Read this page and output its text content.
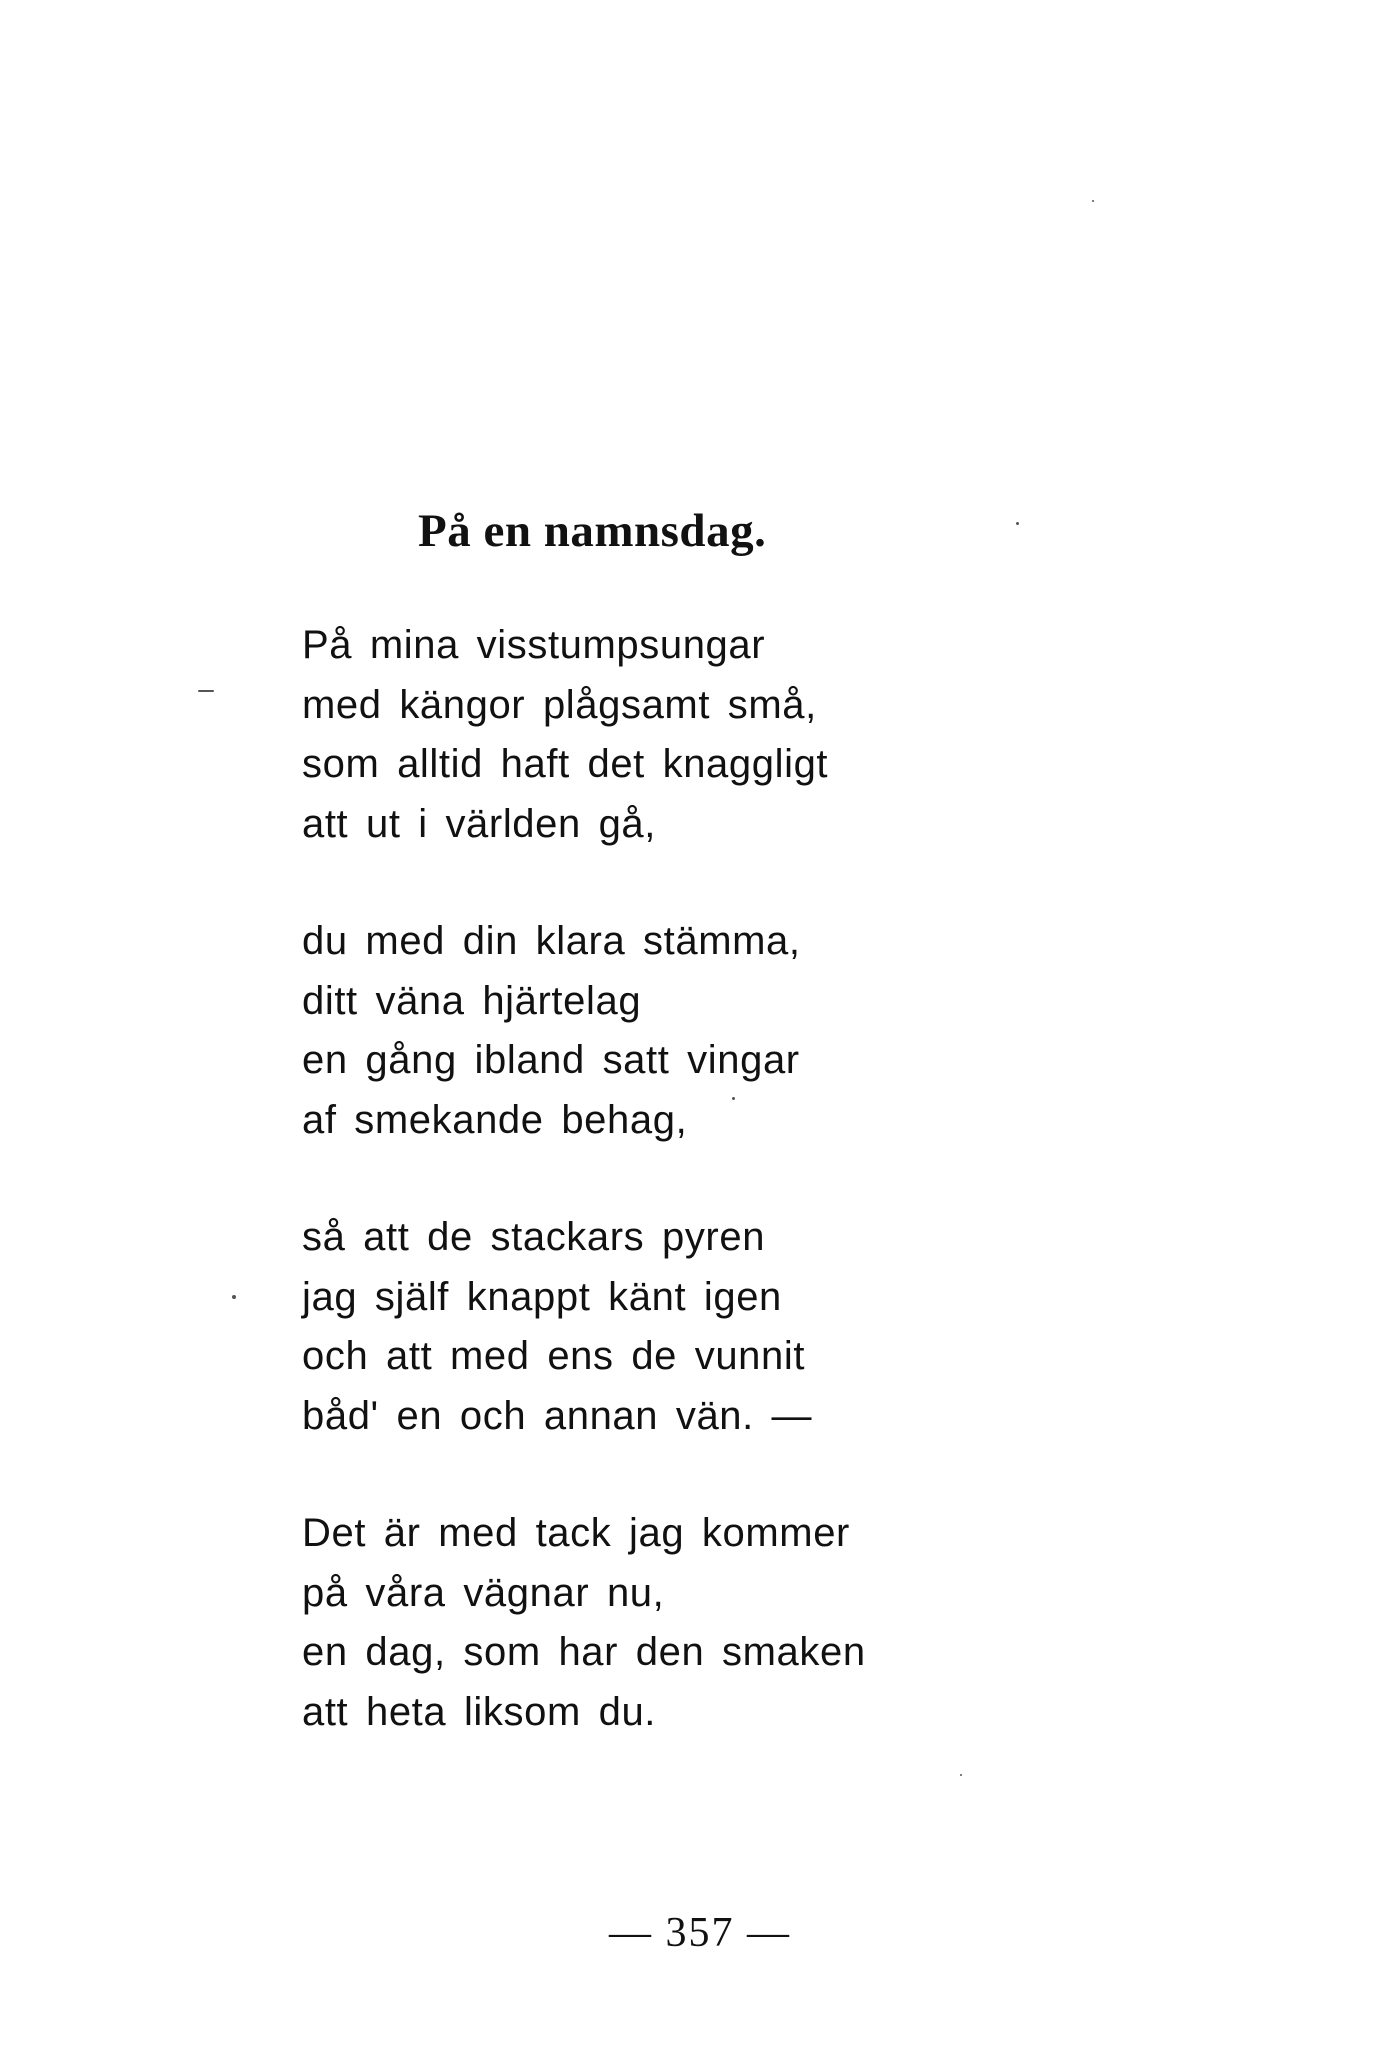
På en namnsdag.
På mina visstumpsungar
med kängor plågsamt små,
som alltid haft det knaggligt
att ut i världen gå,
du med din klara stämma,
ditt väna hjärtelag
en gång ibland satt vingar
af smekande behag,
så att de stackars pyren
jag själf knappt känt igen
och att med ens de vunnit
båd' en och annan vän. —
Det är med tack jag kommer
på våra vägnar nu,
en dag, som har den smaken
att heta liksom du.
— 357 —
